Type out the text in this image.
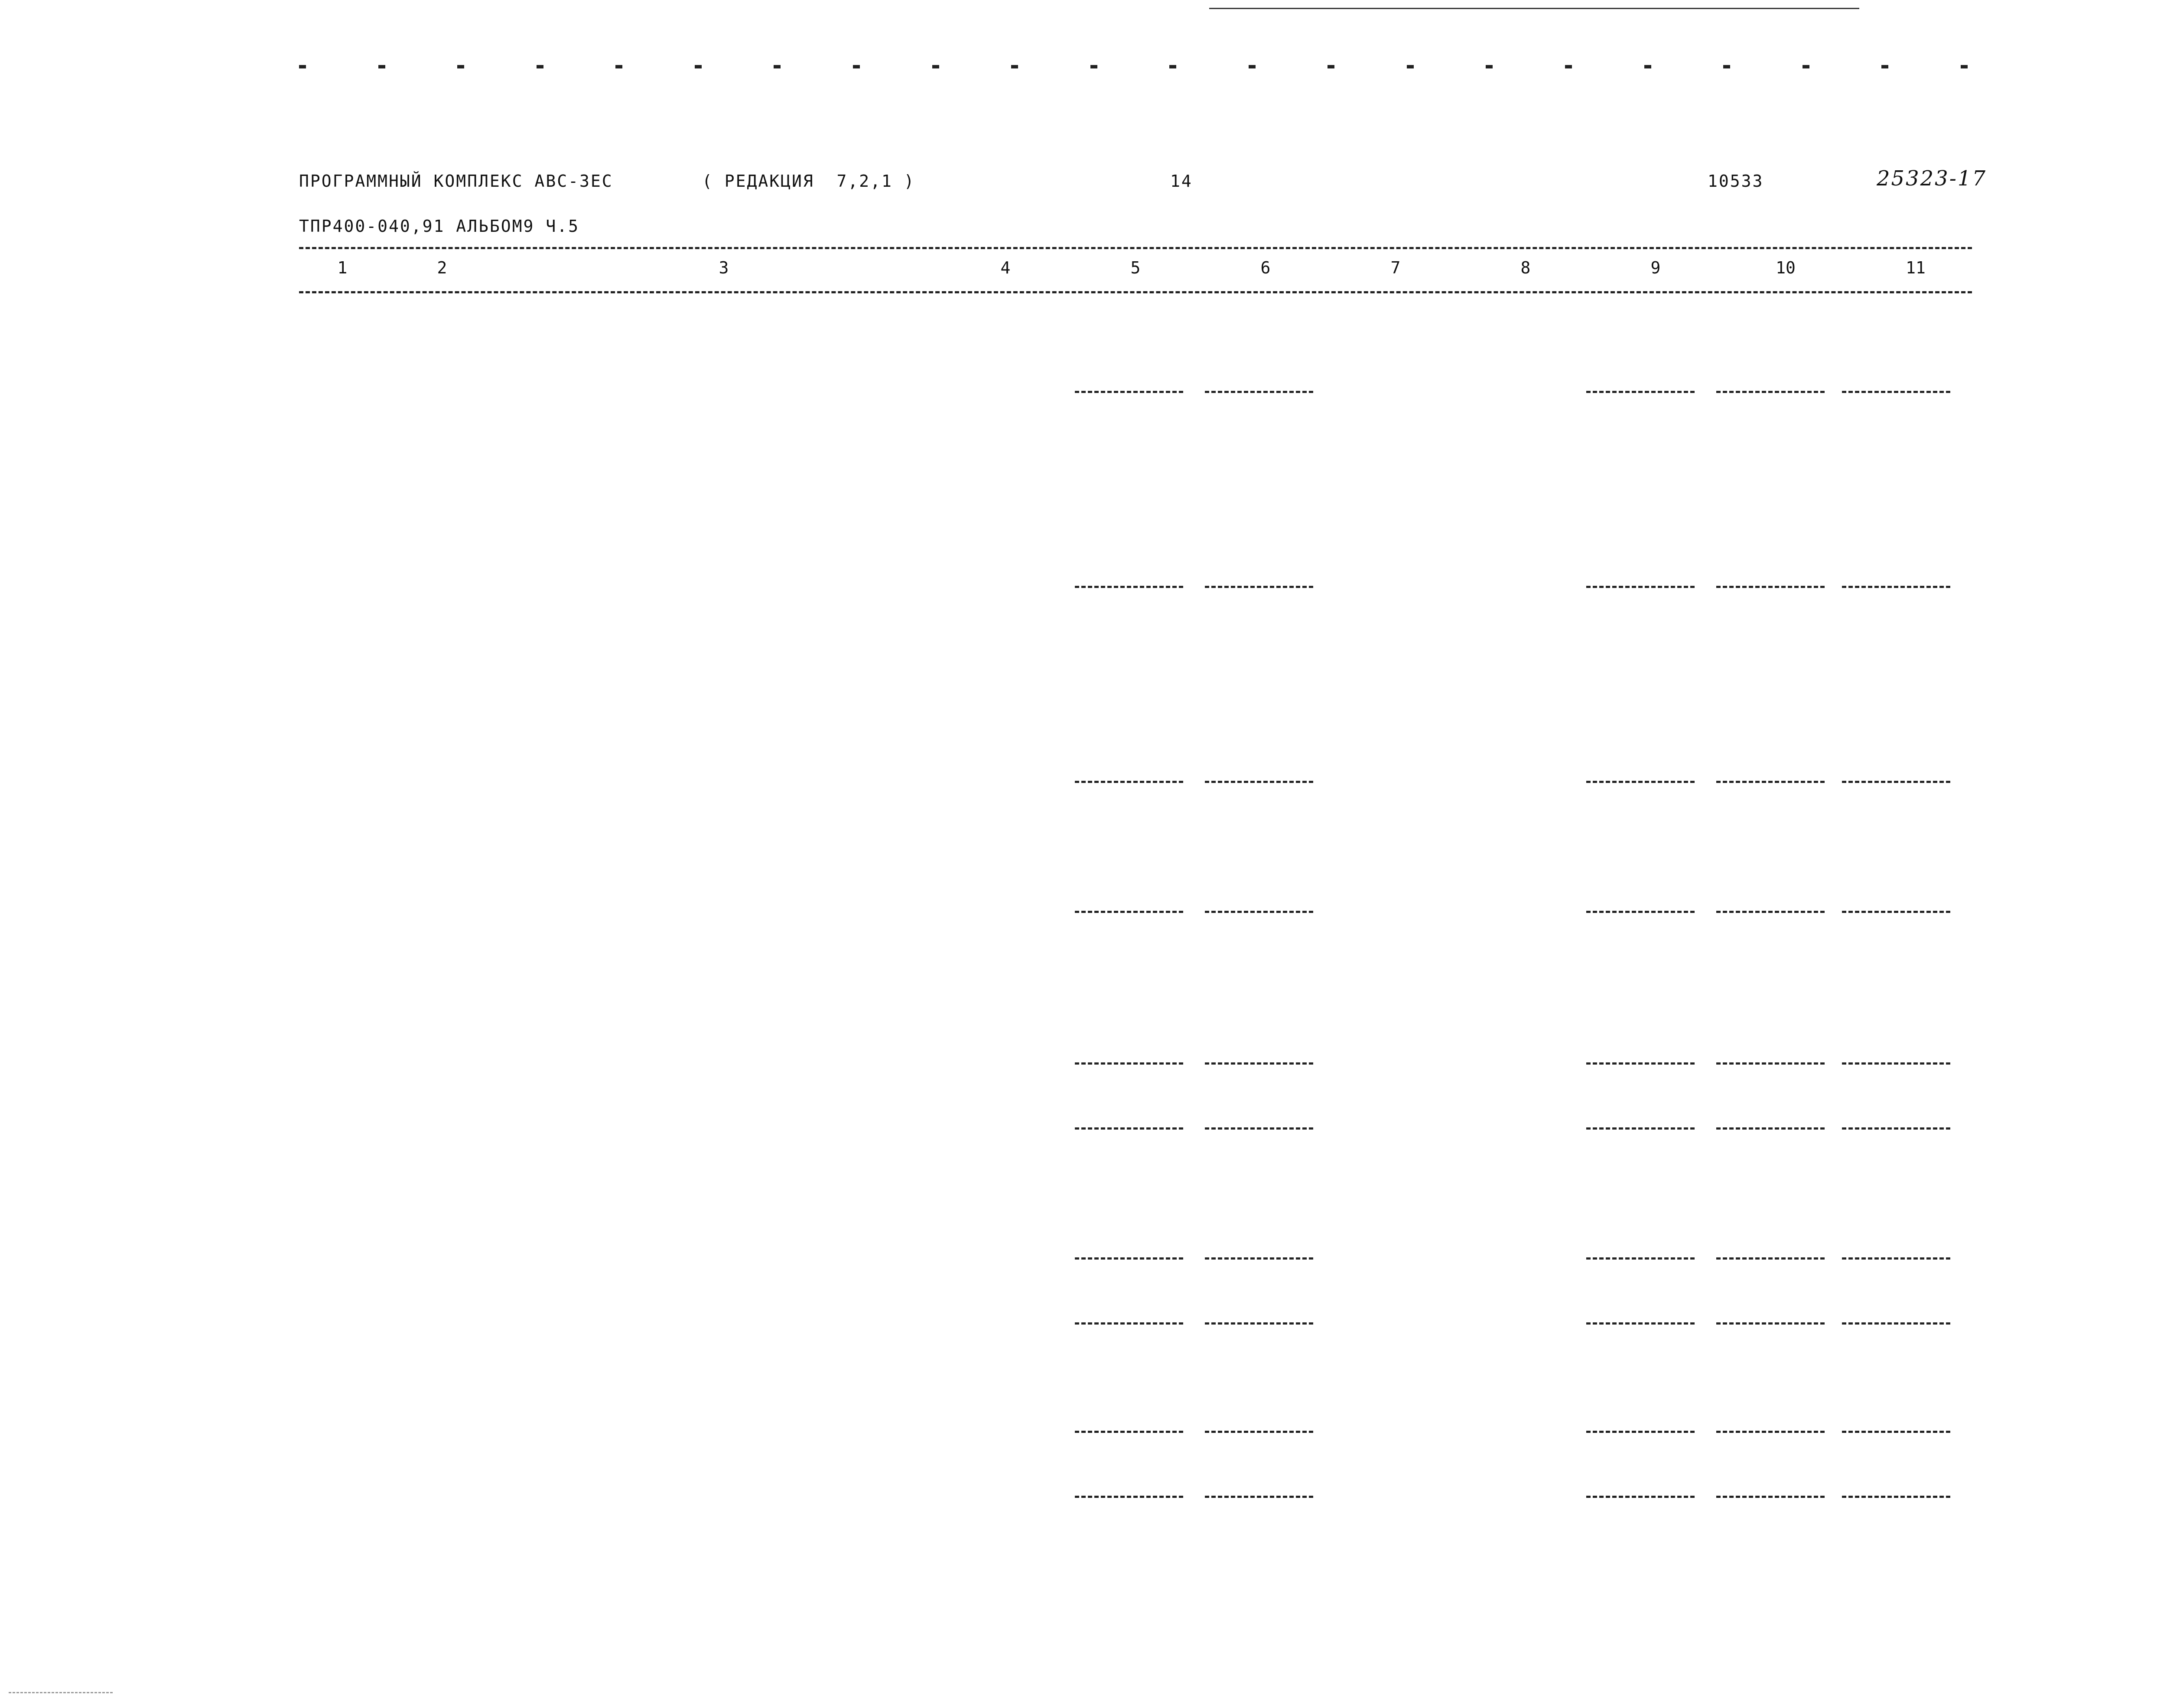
ПРОГРАММНЫЙ КОМПЛЕКС АВС-3ЕС	( РЕДАКЦИЯ  7,2,1 )	14	10533	25323-17
ТПР400-040,91 АЛЬБОМ9 Ч.5
1	2	3	4	5	6	7	8	9	10	11
